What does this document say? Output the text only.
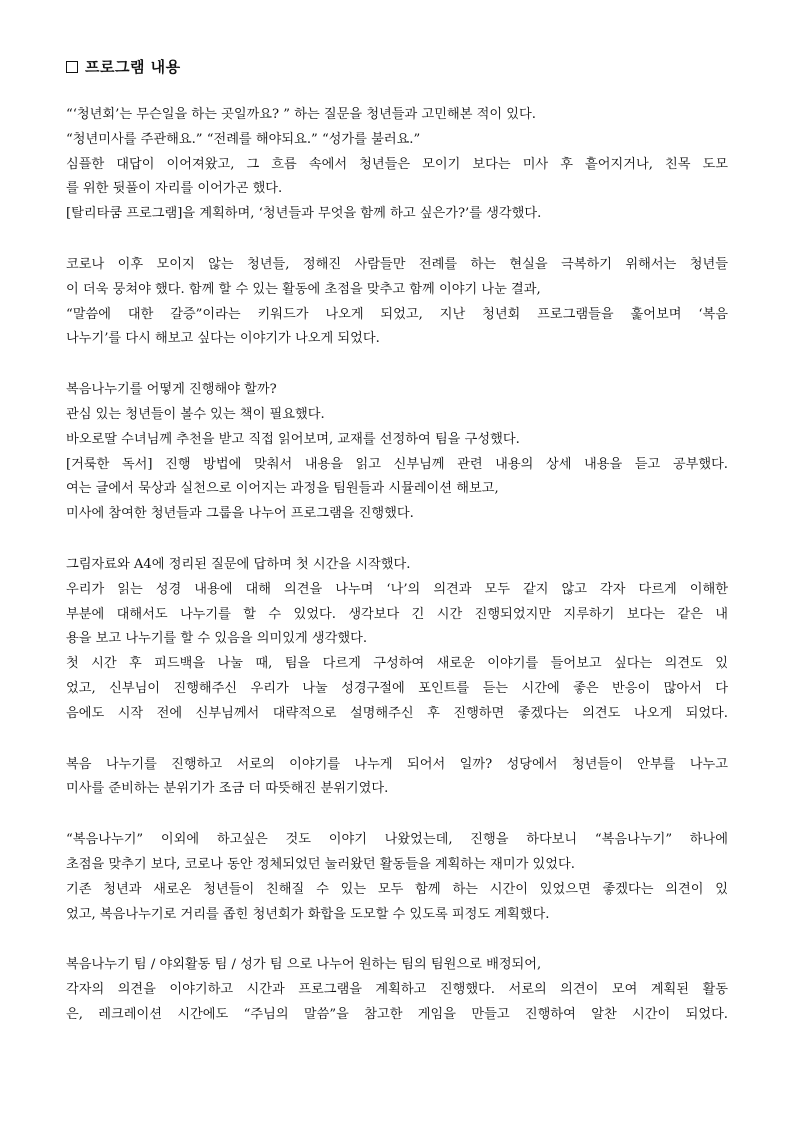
프로그램 내용
“‘청년회’는 무슨일을 하는 곳일까요? ” 하는 질문을 청년들과 고민해본 적이 있다.
“청년미사를 주관해요.” “전례를 해야되요.” “성가를 불러요.”
심플한 대답이 이어져왔고, 그 흐름 속에서 청년들은 모이기 보다는 미사 후 흩어지거나, 친목 도모
를 위한 뒷풀이 자리를 이어가곤 했다.
[탈리타쿰 프로그램]을 계획하며, ‘청년들과 무엇을 함께 하고 싶은가?’를 생각했다.
코로나 이후 모이지 않는 청년들, 정해진 사람들만 전례를 하는 현실을 극복하기 위해서는 청년들
이 더욱 뭉쳐야 했다. 함께 할 수 있는 활동에 초점을 맞추고 함께 이야기 나눈 결과,
“말씀에 대한 갈증”이라는 키워드가 나오게 되었고, 지난 청년회 프로그램들을 훑어보며 ‘복음
나누기’를 다시 해보고 싶다는 이야기가 나오게 되었다.
복음나누기를 어떻게 진행해야 할까?
관심 있는 청년들이 볼수 있는 책이 필요했다.
바오로딸 수녀님께 추천을 받고 직접 읽어보며, 교재를 선정하여 팀을 구성했다.
[거룩한 독서] 진행 방법에 맞춰서 내용을 읽고 신부님께 관련 내용의 상세 내용을 듣고 공부했다.
여는 글에서 묵상과 실천으로 이어지는 과정을 팀원들과 시뮬레이션 해보고,
미사에 참여한 청년들과 그룹을 나누어 프로그램을 진행했다.
그림자료와 A4에 정리된 질문에 답하며 첫 시간을 시작했다.
우리가 읽는 성경 내용에 대해 의견을 나누며 ‘나’의 의견과 모두 같지 않고 각자 다르게 이해한
부분에 대해서도 나누기를 할 수 있었다. 생각보다 긴 시간 진행되었지만 지루하기 보다는 같은 내
용을 보고 나누기를 할 수 있음을 의미있게 생각했다.
첫 시간 후 피드백을 나눌 때, 팀을 다르게 구성하여 새로운 이야기를 들어보고 싶다는 의견도 있
었고, 신부님이 진행해주신 우리가 나눌 성경구절에 포인트를 듣는 시간에 좋은 반응이 많아서 다
음에도 시작 전에 신부님께서 대략적으로 설명해주신 후 진행하면 좋겠다는 의견도 나오게 되었다.
복음 나누기를 진행하고 서로의 이야기를 나누게 되어서 일까? 성당에서 청년들이 안부를 나누고
미사를 준비하는 분위기가 조금 더 따뜻해진 분위기였다.
“복음나누기” 이외에 하고싶은 것도 이야기 나왔었는데, 진행을 하다보니 “복음나누기” 하나에
초점을 맞추기 보다, 코로나 동안 정체되었던 눌러왔던 활동들을 계획하는 재미가 있었다.
기존 청년과 새로온 청년들이 친해질 수 있는 모두 함께 하는 시간이 있었으면 좋겠다는 의견이 있
었고, 복음나누기로 거리를 좁힌 청년회가 화합을 도모할 수 있도록 피정도 계획했다.
복음나누기 팀 / 야외활동 팀 / 성가 팀 으로 나누어 원하는 팀의 팀원으로 배정되어,
각자의 의견을 이야기하고 시간과 프로그램을 계획하고 진행했다. 서로의 의견이 모여 계획된 활동
은, 레크레이션 시간에도 “주님의 말씀”을 참고한 게임을 만들고 진행하여 알찬 시간이 되었다.
